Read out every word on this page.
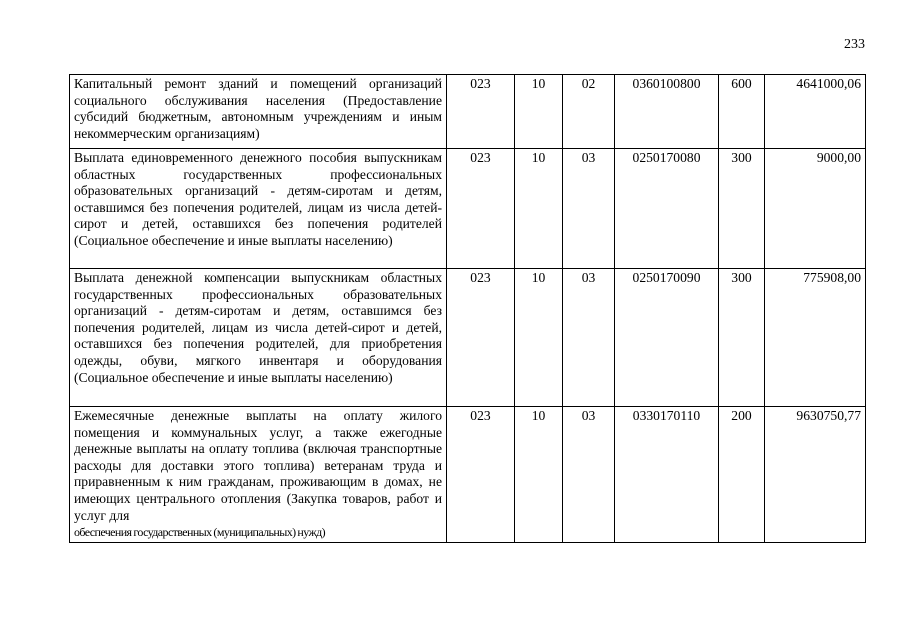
233
Капитальный ремонт зданий и помещений организаций социального обслуживания населения (Предоставление субсидий бюджетным, автономным учреждениям и иным некоммерческим организациям)	023	10	02	0360100800	600	4641000,06
Выплата единовременного денежного пособия выпускникам областных государственных профессиональных образовательных организаций - детям-сиротам и детям, оставшимся без попечения родителей, лицам из числа детей-сирот и детей, оставшихся без попечения родителей (Социальное обеспечение и иные выплаты населению)	023	10	03	0250170080	300	9000,00
Выплата денежной компенсации выпускникам областных государственных профессиональных образовательных организаций - детям-сиротам и детям, оставшимся без попечения родителей, лицам из числа детей-сирот и детей, оставшихся без попечения родителей, для приобретения одежды, обуви, мягкого инвентаря и оборудования (Социальное обеспечение и иные выплаты населению)	023	10	03	0250170090	300	775908,00
Ежемесячные денежные выплаты на оплату жилого помещения и коммунальных услуг, а также ежегодные денежные выплаты на оплату топлива (включая транспортные расходы для доставки этого топлива) ветеранам труда и приравненным к ним гражданам, проживающим в домах, не имеющих центрального отопления (Закупка товаров, работ и услуг для
обеспечения государственных (муниципальных) нужд)	023	10	03	0330170110	200	9630750,77
